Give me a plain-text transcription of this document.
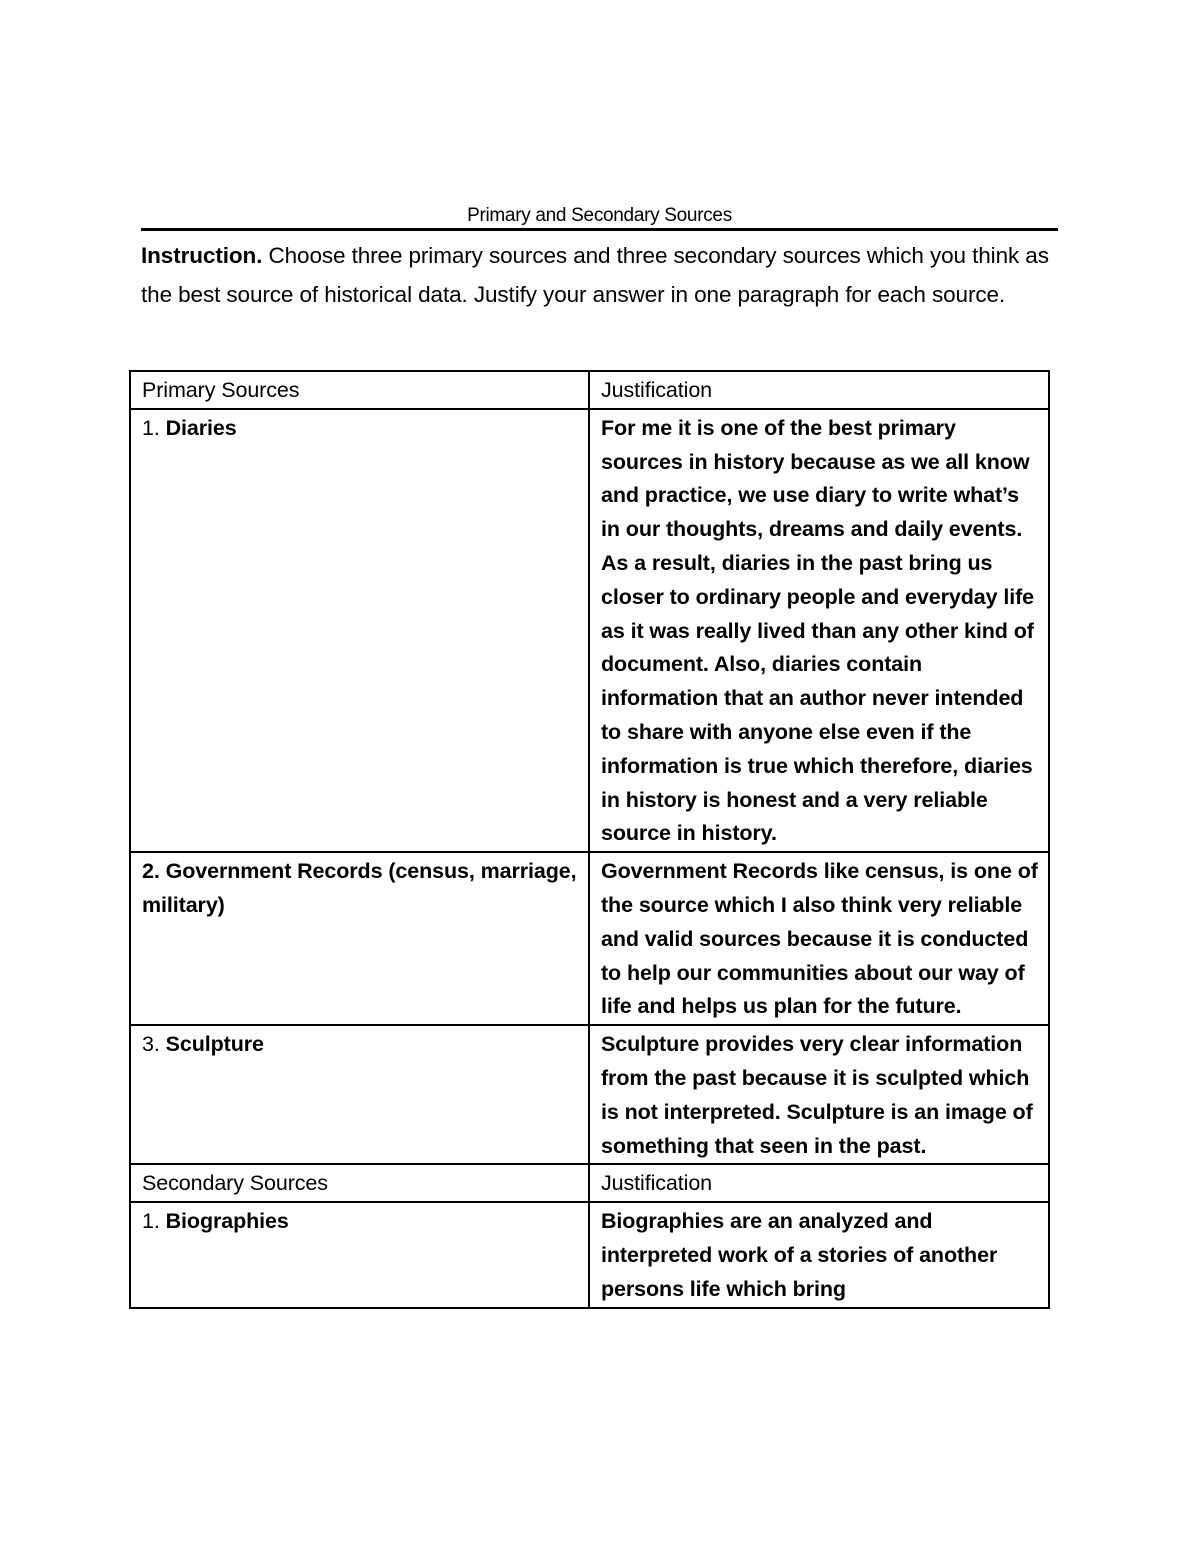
Primary and Secondary Sources
Instruction. Choose three primary sources and three secondary sources which you think as the best source of historical data. Justify your answer in one paragraph for each source.
Primary Sources	Justification
1. Diaries	For me it is one of the best primary sources in history because as we all know and practice, we use diary to write what’s in our thoughts, dreams and daily events. As a result, diaries in the past bring us closer to ordinary people and everyday life as it was really lived than any other kind of document. Also, diaries contain information that an author never intended to share with anyone else even if the information is true which therefore, diaries in history is honest and a very reliable source in history.
2. Government Records (census, marriage, military)	Government Records like census, is one of the source which I also think very reliable and valid sources because it is conducted to help our communities about our way of life and helps us plan for the future.
3. Sculpture	Sculpture provides very clear information from the past because it is sculpted which is not interpreted. Sculpture is an image of something that seen in the past.
Secondary Sources	Justification
1. Biographies	Biographies are an analyzed and interpreted work of a stories of another persons life which bring
